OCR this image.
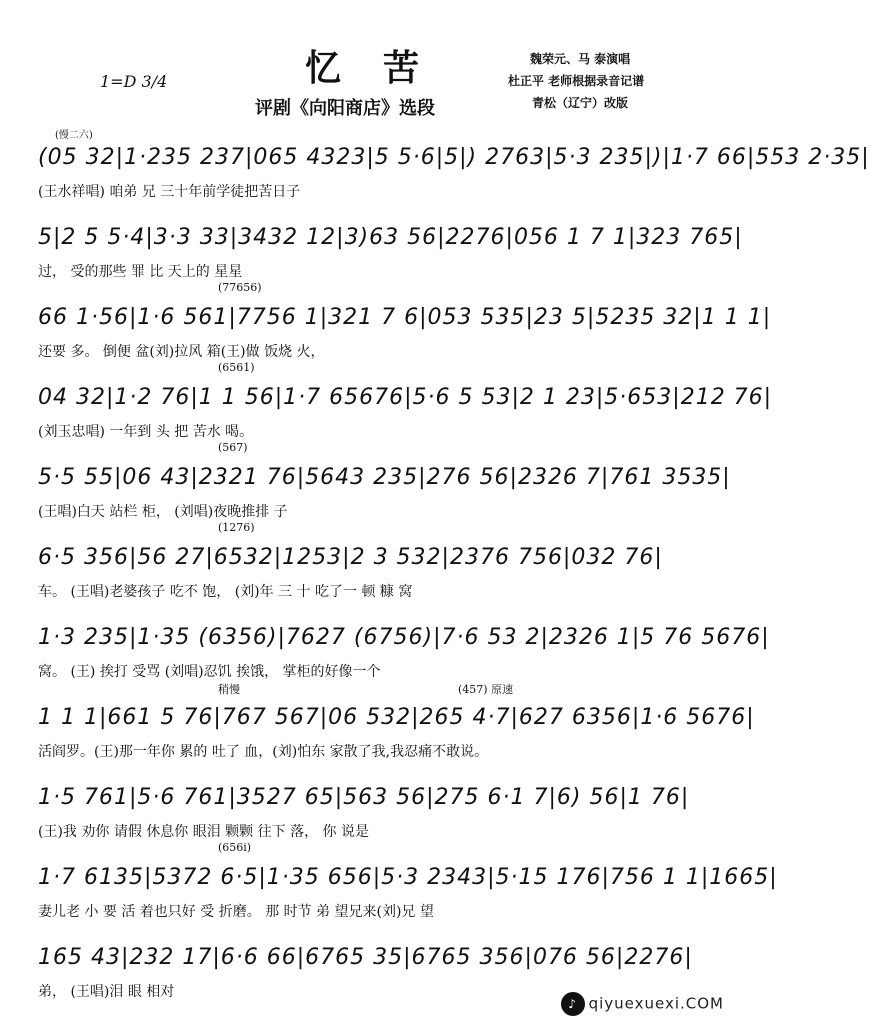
1=D 3/4	忆苦
评剧《向阳商店》选段
魏荣元、马 泰演唱
杜正平 老师根据录音记谱
青松（辽宁）改版
(慢二六)
(05 32|1·235 237|065 4323|5 5·6|5|) 2763|5·3 235|)|1·7 66|553 2·35|
(王水祥唱) 咱弟 兄 三十年前学徒把苦日子
5|2 5 5·4|3·3 33|3432 12|3)63 56|2276|056 1 7 1|323 765|
过， 受的那些 罪 比 天上的 星星
66 1·56|1·6 561|7756 1|321 7 6|053 535|23 5|5235 32|1 1 1|
还要 多。 倒便 盆(刘)拉风 箱(王)做 饭烧 火，
(77656)
04 32|1·2 76|1 1 56|1·7 65676|5·6 5 53|2 1 23|5·653|212 76|
(刘玉忠唱) 一年到 头 把 苦水 喝。
(6561)
5·5 55|06 43|2321 76|5643 235|276 56|2326 7|761 3535|
(王唱)白天 站栏 柜， (刘唱)夜晚推排 子
(567)
6·5 356|56 27|6532|1253|2 3 532|2376 756|032 76|
车。 (王唱)老婆孩子 吃不 饱， (刘)年 三 十 吃了一 顿 糠 窝
(1276)
1·3 235|1·35 (6356)|7627 (6756)|7·6 53 2|2326 1|5 76 5676|
窝。 (王) 挨打 受骂 (刘唱)忍饥 挨饿， 掌柜的好像一个
1 1 1|661 5 76|767 567|06 532|265 4·7|627 6356|1·6 5676|
活阎罗。(王)那一年你 累的 吐了 血，(刘)怕东 家散了我,我忍痛不敢说。
稍慢	(457) 原速
1·5 761|5·6 761|3527 65|563 56|275 6·1 7|6) 56|1 76|
(王)我 劝你 请假 休息你 眼泪 颗颗 往下 落， 你 说是
1·7 6135|5372 6·5|1·35 656|5·3 2343|5·15 176|756 1 1|1665|
妻儿老 小 要 活 着也只好 受 折磨。 那 时节 弟 望兄来(刘)兄 望
(656i)
165 43|232 17|6·6 66|6765 35|6765 356|076 56|2276|
弟， (王唱)泪 眼 相对
♪ qiyuexuexi.COM
